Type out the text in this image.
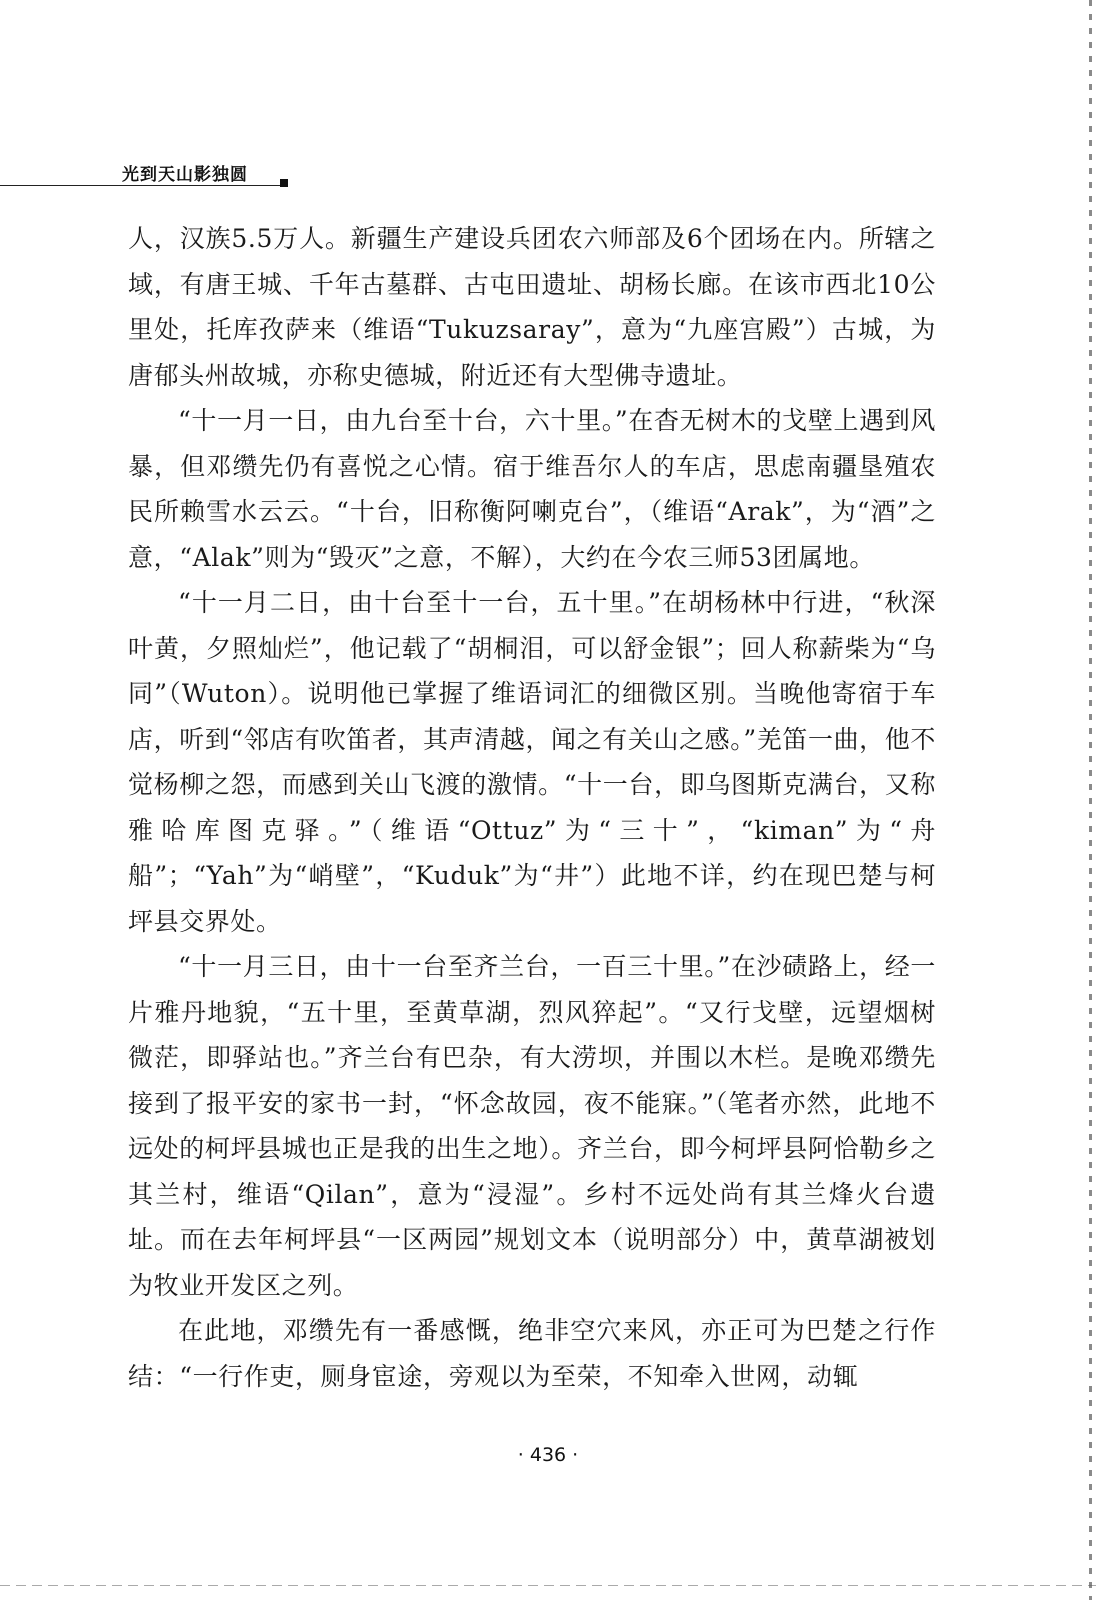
光到天山影独圆

人，汉族5.5万人。新疆生产建设兵团农六师部及6个团场在内。所辖之域，有唐王城、千年古墓群、古屯田遗址、胡杨长廊。在该市西北10公里处，托库孜萨来（维语“Tukuzsaray”，意为“九座宫殿”）古城，为唐郁头州故城，亦称史德城，附近还有大型佛寺遗址。

“十一月一日，由九台至十台，六十里。”在杳无树木的戈壁上遇到风暴，但邓缵先仍有喜悦之心情。宿于维吾尔人的车店，思虑南疆垦殖农民所赖雪水云云。“十台，旧称衡阿喇克台”，（维语“Arak”，为“酒”之意，“Alak”则为“毁灭”之意，不解），大约在今农三师53团属地。

“十一月二日，由十台至十一台，五十里。”在胡杨林中行进，“秋深叶黄，夕照灿烂”，他记载了“胡桐泪，可以舒金银”；回人称薪柴为“乌同”（Wuton）。说明他已掌握了维语词汇的细微区别。当晚他寄宿于车店，听到“邻店有吹笛者，其声清越，闻之有关山之感。”羌笛一曲，他不觉杨柳之怨，而感到关山飞渡的激情。“十一台，即乌图斯克满台，又称雅哈库图克驿。”（维语“Ottuz”为“三十”，“kiman”为“舟船”；“Yah”为“峭壁”，“Kuduk”为“井”）此地不详，约在现巴楚与柯坪县交界处。

“十一月三日，由十一台至齐兰台，一百三十里。”在沙碛路上，经一片雅丹地貌，“五十里，至黄草湖，烈风猝起”。“又行戈壁，远望烟树微茫，即驿站也。”齐兰台有巴杂，有大涝坝，并围以木栏。是晚邓缵先接到了报平安的家书一封，“怀念故园，夜不能寐。”（笔者亦然，此地不远处的柯坪县城也正是我的出生之地）。齐兰台，即今柯坪县阿恰勒乡之其兰村，维语“Qilan”，意为“浸湿”。乡村不远处尚有其兰烽火台遗址。而在去年柯坪县“一区两园”规划文本（说明部分）中，黄草湖被划为牧业开发区之列。

在此地，邓缵先有一番感慨，绝非空穴来风，亦正可为巴楚之行作结：“一行作吏，厕身宦途，旁观以为至荣，不知牵入世网，动辄

· 436 ·
